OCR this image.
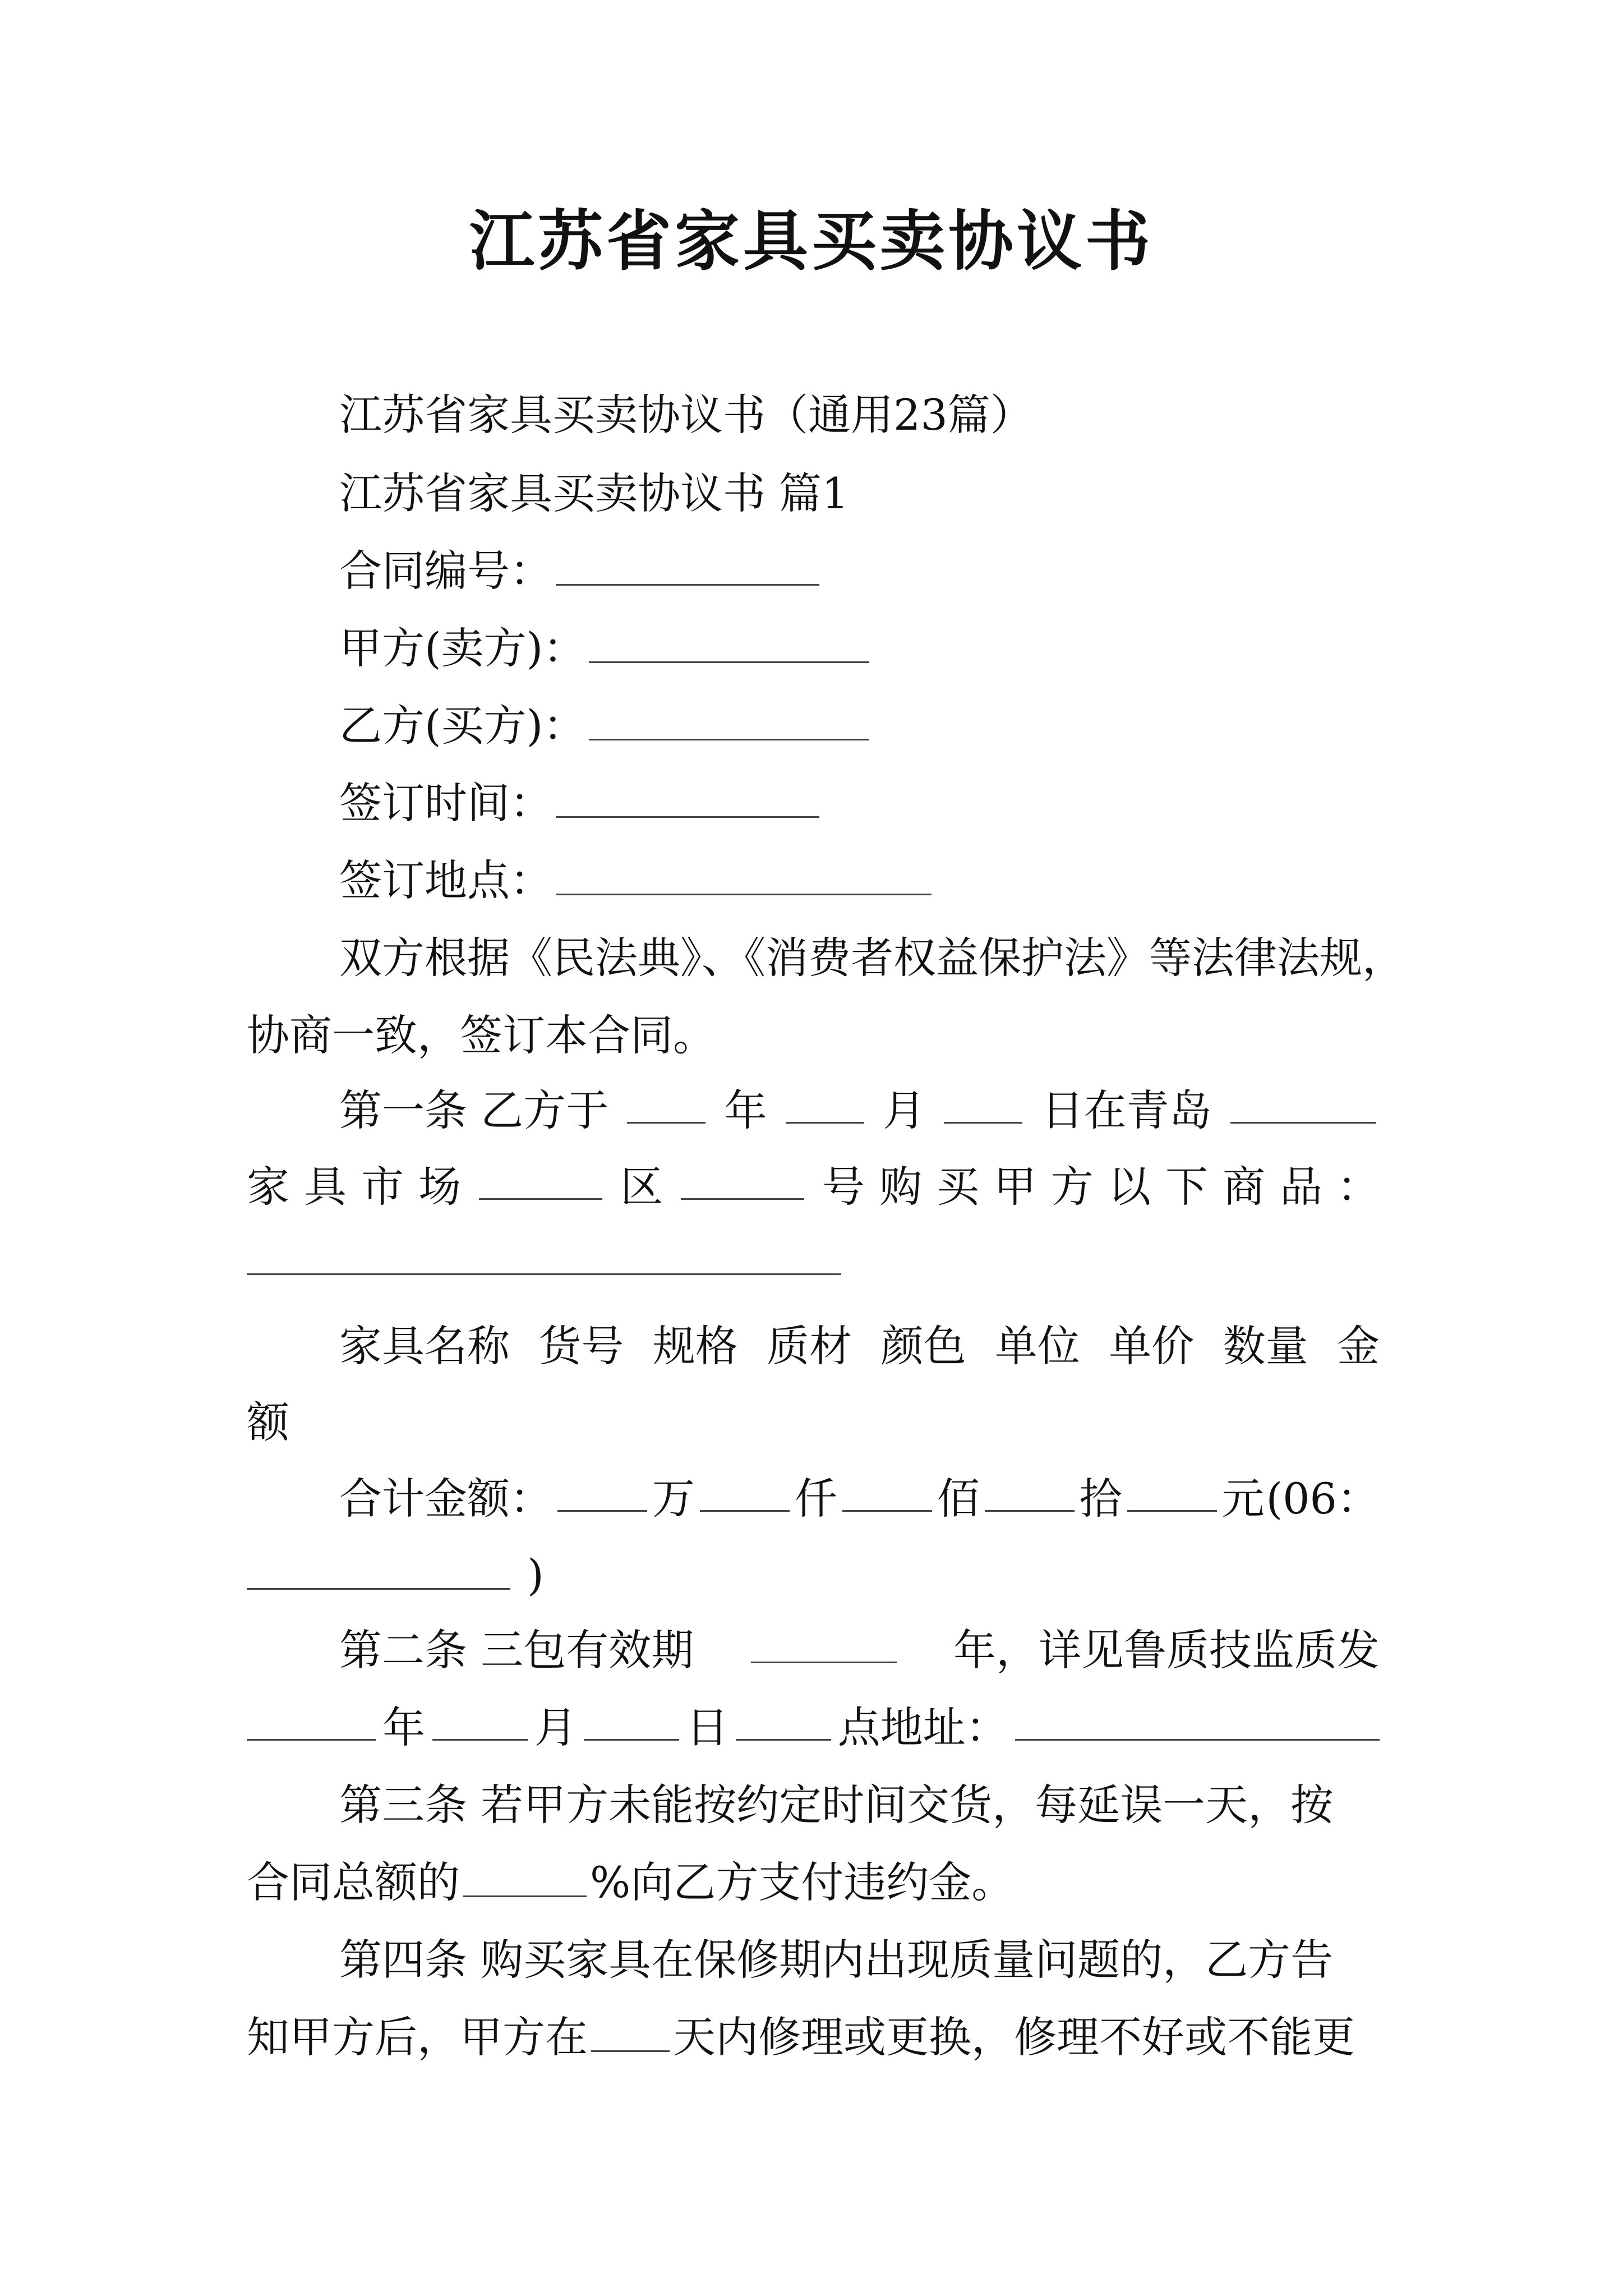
江苏省家具买卖协议书
江苏省家具买卖协议书（通用23篇）
江苏省家具买卖协议书 篇1
合同编号：
甲方(卖方)：
乙方(买方)：
签订时间：
签订地点：
双方根据《民法典》、《消费者权益保护法》等法律法规，
协商一致，签订本合同。
第一条 乙方于	年	月	日在青岛
家 具 市 场	区	号 购 买 甲 方 以 下 商 品 ：
家具名称 货号 规格 质材 颜色 单位 单价 数量 金
额
合计金额： 万 仟 佰 拾 元 (06：
)
第二条 三包有效期	年，详见鲁质技监质发
年	月	日	点地址：
第三条 若甲方未能按约定时间交货，每延误一天，按
合同总额的	%向乙方支付违约金。
第四条 购买家具在保修期内出现质量问题的，乙方告
知甲方后，甲方在 天内修理或更换，修理不好或不能更
